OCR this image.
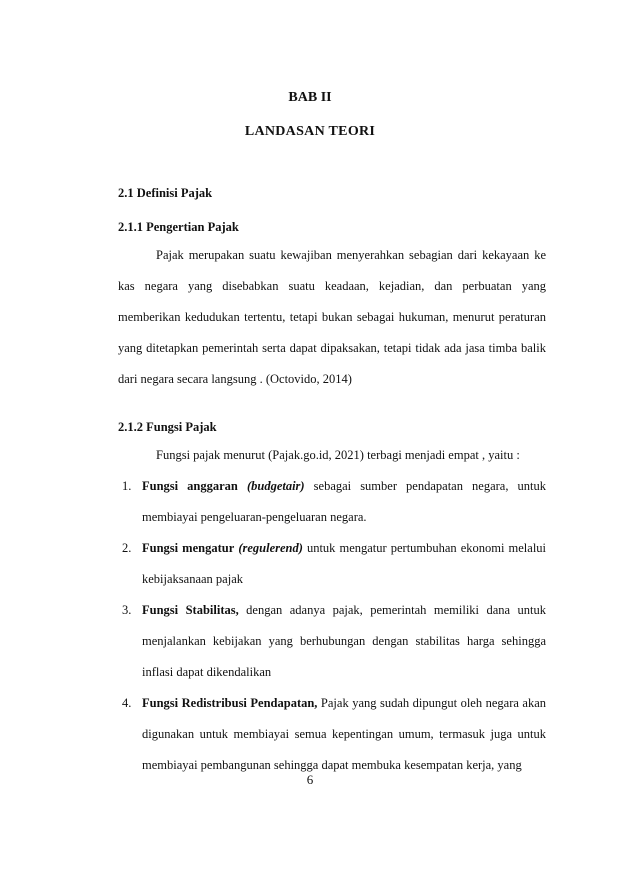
BAB II
LANDASAN TEORI
2.1 Definisi Pajak
2.1.1 Pengertian Pajak

Pajak merupakan suatu kewajiban menyerahkan sebagian dari kekayaan ke kas negara yang disebabkan suatu keadaan, kejadian, dan perbuatan yang memberikan kedudukan tertentu, tetapi bukan sebagai hukuman, menurut peraturan yang ditetapkan pemerintah serta dapat dipaksakan, tetapi tidak ada jasa timba balik dari negara secara langsung . (Octovido, 2014)

2.1.2 Fungsi Pajak

Fungsi pajak menurut (Pajak.go.id, 2021) terbagi menjadi empat , yaitu :

1. Fungsi anggaran (budgetair) sebagai sumber pendapatan negara, untuk membiayai pengeluaran-pengeluaran negara.
2. Fungsi mengatur (regulerend) untuk mengatur pertumbuhan ekonomi melalui kebijaksanaan pajak
3. Fungsi Stabilitas, dengan adanya pajak, pemerintah memiliki dana untuk menjalankan kebijakan yang berhubungan dengan stabilitas harga sehingga inflasi dapat dikendalikan
4. Fungsi Redistribusi Pendapatan, Pajak yang sudah dipungut oleh negara akan digunakan untuk membiayai semua kepentingan umum, termasuk juga untuk membiayai pembangunan sehingga dapat membuka kesempatan kerja, yang
6
